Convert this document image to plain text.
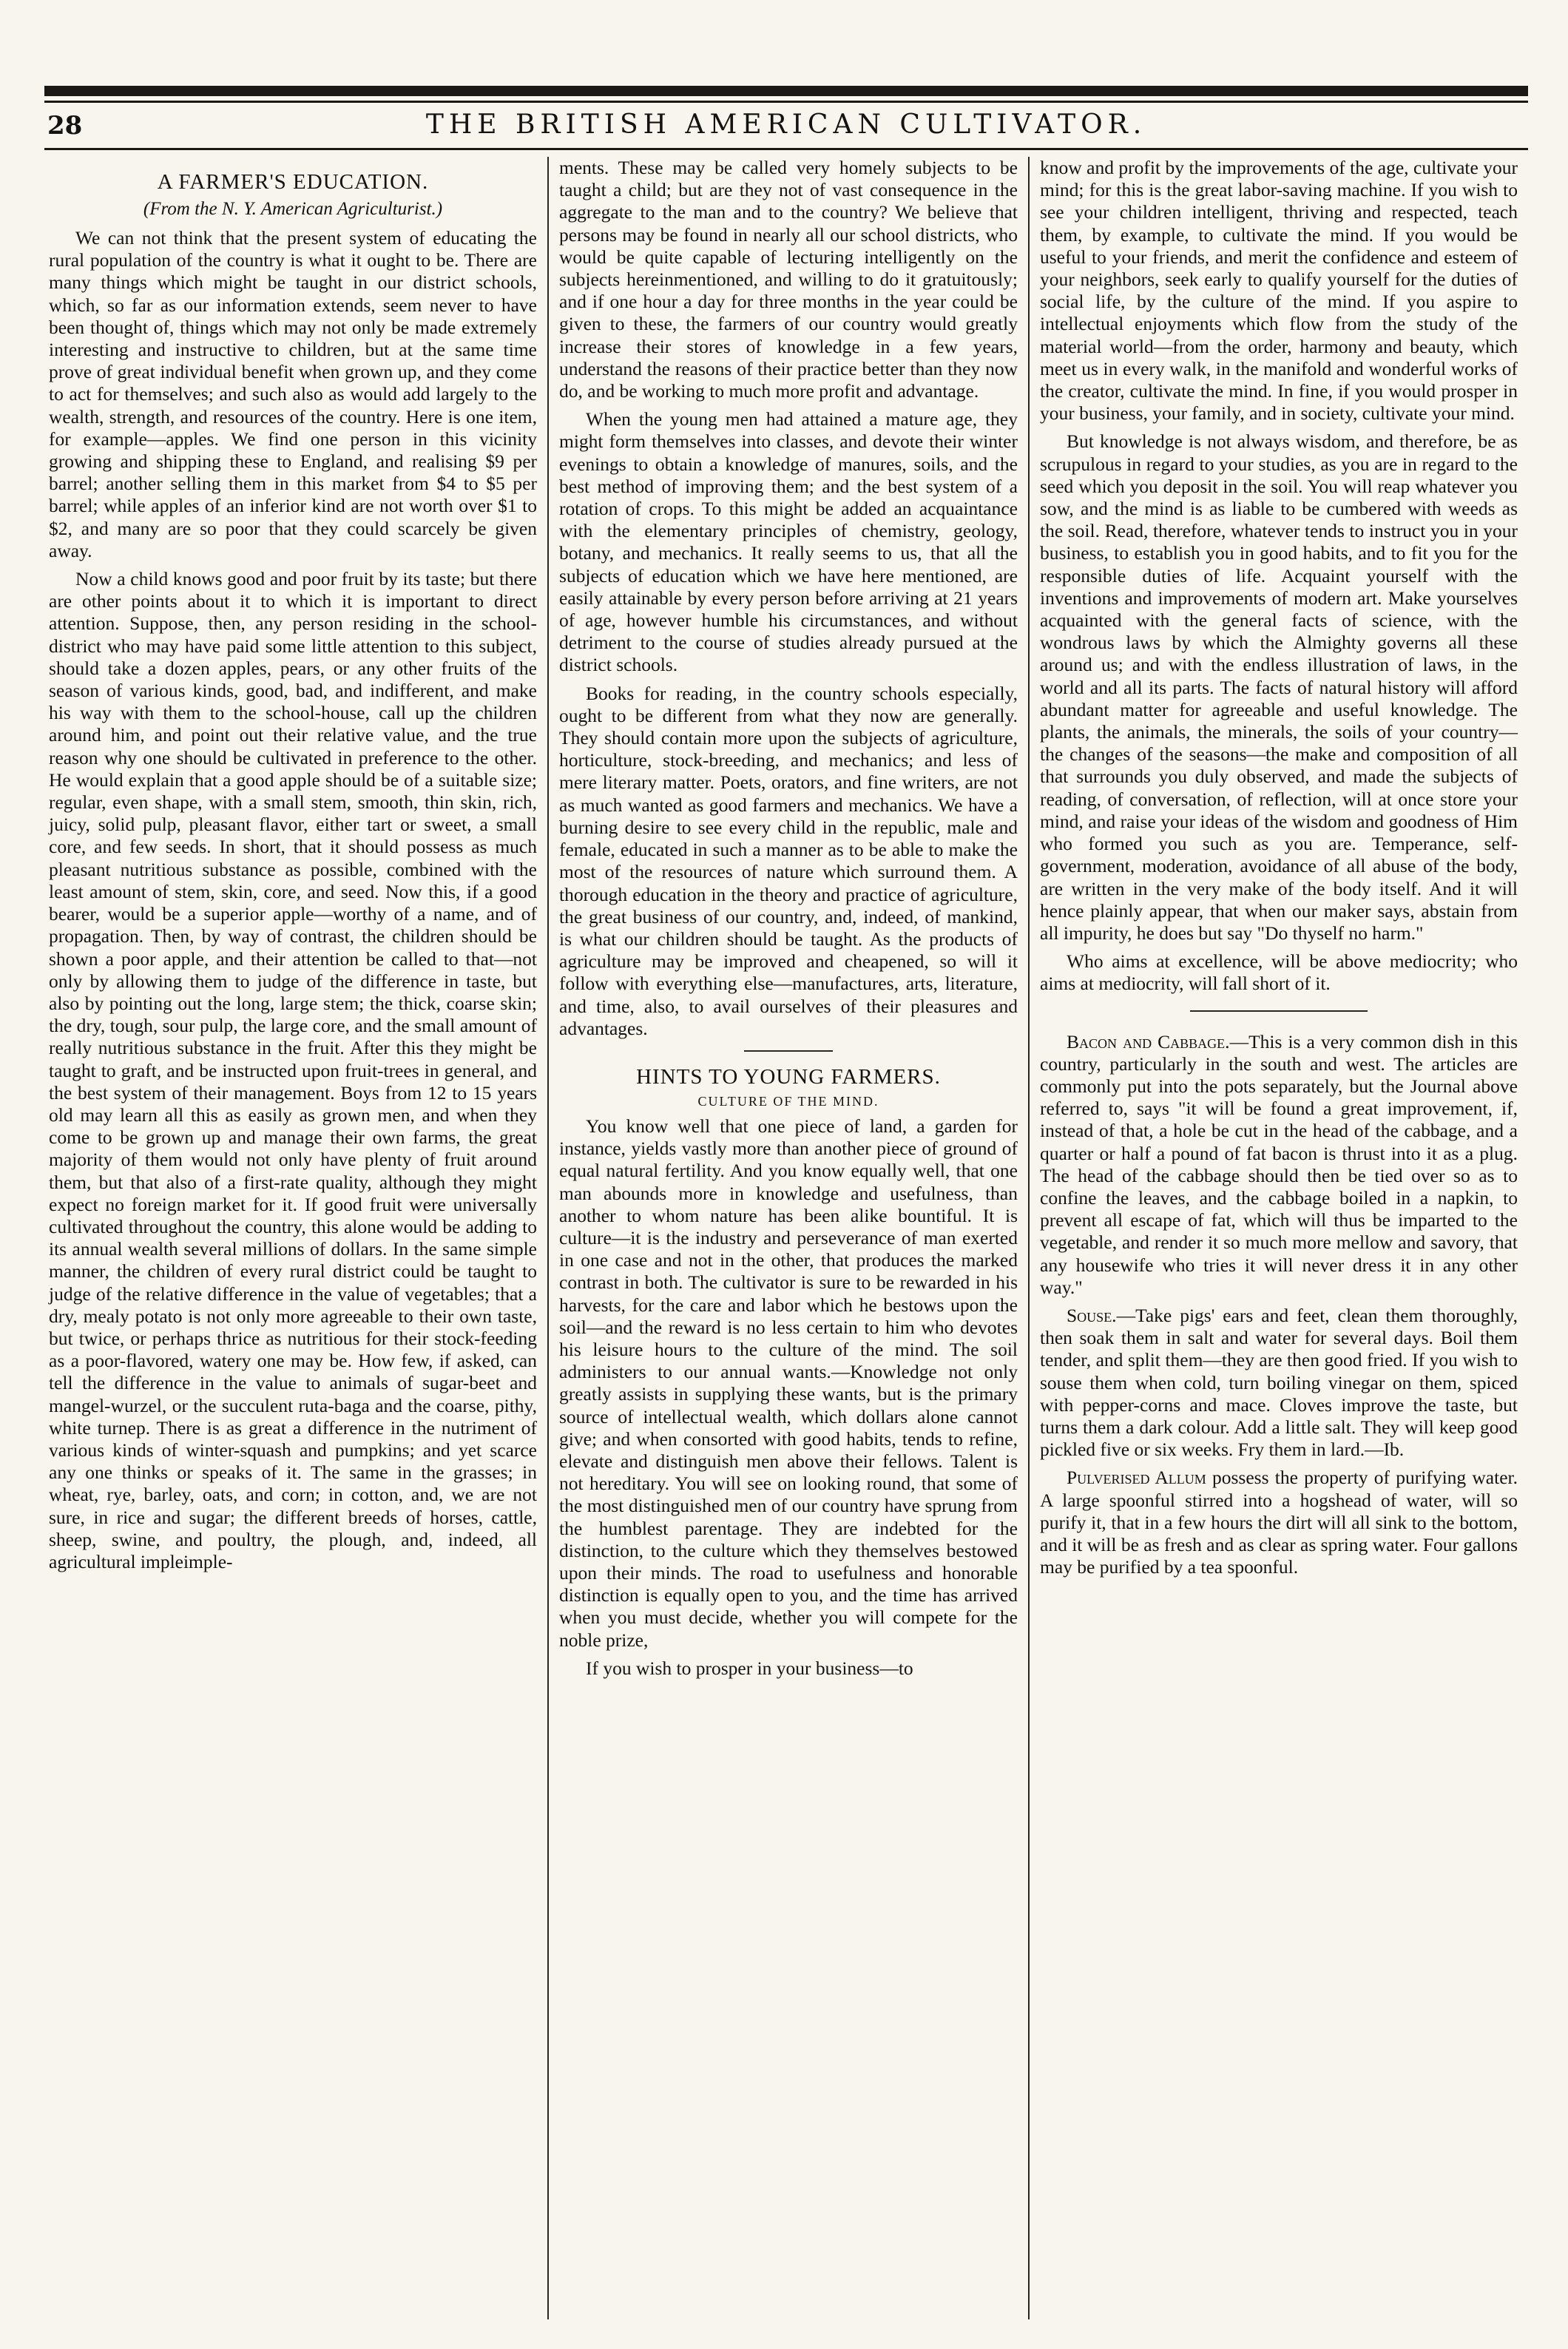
28	THE BRITISH AMERICAN CULTIVATOR.
A FARMER'S EDUCATION.
(From the N. Y. American Agriculturist.)

We can not think that the present system of educating the rural population of the country is what it ought to be. There are many things which might be taught in our district schools, which, so far as our information extends, seem never to have been thought of, things which may not only be made extremely interesting and instructive to children, but at the same time prove of great individual benefit when grown up, and they come to act for themselves; and such also as would add largely to the wealth, strength, and resources of the country. Here is one item, for example—apples. We find one person in this vicinity growing and shipping these to England, and realising $9 per barrel; another selling them in this market from $4 to $5 per barrel; while apples of an inferior kind are not worth over $1 to $2, and many are so poor that they could scarcely be given away.

Now a child knows good and poor fruit by its taste; but there are other points about it to which it is important to direct attention. Suppose, then, any person residing in the school-district who may have paid some little attention to this subject, should take a dozen apples, pears, or any other fruits of the season of various kinds, good, bad, and indifferent, and make his way with them to the school-house, call up the children around him, and point out their relative value, and the true reason why one should be cultivated in preference to the other. He would explain that a good apple should be of a suitable size; regular, even shape, with a small stem, smooth, thin skin, rich, juicy, solid pulp, pleasant flavor, either tart or sweet, a small core, and few seeds. In short, that it should possess as much pleasant nutritious substance as possible, combined with the least amount of stem, skin, core, and seed. Now this, if a good bearer, would be a superior apple—worthy of a name, and of propagation. Then, by way of contrast, the children should be shown a poor apple, and their attention be called to that—not only by allowing them to judge of the difference in taste, but also by pointing out the long, large stem; the thick, coarse skin; the dry, tough, sour pulp, the large core, and the small amount of really nutritious substance in the fruit. After this they might be taught to graft, and be instructed upon fruit-trees in general, and the best system of their management. Boys from 12 to 15 years old may learn all this as easily as grown men, and when they come to be grown up and manage their own farms, the great majority of them would not only have plenty of fruit around them, but that also of a first-rate quality, although they might expect no foreign market for it. If good fruit were universally cultivated throughout the country, this alone would be adding to its annual wealth several millions of dollars. In the same simple manner, the children of every rural district could be taught to judge of the relative difference in the value of vegetables; that a dry, mealy potato is not only more agreeable to their own taste, but twice, or perhaps thrice as nutritious for their stock-feeding as a poor-flavored, watery one may be. How few, if asked, can tell the difference in the value to animals of sugar-beet and mangel-wurzel, or the succulent ruta-baga and the coarse, pithy, white turnep. There is as great a difference in the nutriment of various kinds of winter-squash and pumpkins; and yet scarce any one thinks or speaks of it. The same in the grasses; in wheat, rye, barley, oats, and corn; in cotton, and, we are not sure, in rice and sugar; the different breeds of horses, cattle, sheep, swine, and poultry, the plough, and, indeed, all agricultural impleimple-

ments. These may be called very homely subjects to be taught a child; but are they not of vast consequence in the aggregate to the man and to the country? We believe that persons may be found in nearly all our school districts, who would be quite capable of lecturing intelligently on the subjects hereinmentioned, and willing to do it gratuitously; and if one hour a day for three months in the year could be given to these, the farmers of our country would greatly increase their stores of knowledge in a few years, understand the reasons of their practice better than they now do, and be working to much more profit and advantage.

When the young men had attained a mature age, they might form themselves into classes, and devote their winter evenings to obtain a knowledge of manures, soils, and the best method of improving them; and the best system of a rotation of crops. To this might be added an acquaintance with the elementary principles of chemistry, geology, botany, and mechanics. It really seems to us, that all the subjects of education which we have here mentioned, are easily attainable by every person before arriving at 21 years of age, however humble his circumstances, and without detriment to the course of studies already pursued at the district schools.

Books for reading, in the country schools especially, ought to be different from what they now are generally. They should contain more upon the subjects of agriculture, horticulture, stock-breeding, and mechanics; and less of mere literary matter. Poets, orators, and fine writers, are not as much wanted as good farmers and mechanics. We have a burning desire to see every child in the republic, male and female, educated in such a manner as to be able to make the most of the resources of nature which surround them. A thorough education in the theory and practice of agriculture, the great business of our country, and, indeed, of mankind, is what our children should be taught. As the products of agriculture may be improved and cheapened, so will it follow with everything else—manufactures, arts, literature, and time, also, to avail ourselves of their pleasures and advantages.

HINTS TO YOUNG FARMERS.
CULTURE OF THE MIND.

You know well that one piece of land, a garden for instance, yields vastly more than another piece of ground of equal natural fertility. And you know equally well, that one man abounds more in knowledge and usefulness, than another to whom nature has been alike bountiful. It is culture—it is the industry and perseverance of man exerted in one case and not in the other, that produces the marked contrast in both. The cultivator is sure to be rewarded in his harvests, for the care and labor which he bestows upon the soil—and the reward is no less certain to him who devotes his leisure hours to the culture of the mind. The soil administers to our annual wants.—Knowledge not only greatly assists in supplying these wants, but is the primary source of intellectual wealth, which dollars alone cannot give; and when consorted with good habits, tends to refine, elevate and distinguish men above their fellows. Talent is not hereditary. You will see on looking round, that some of the most distinguished men of our country have sprung from the humblest parentage. They are indebted for the distinction, to the culture which they themselves bestowed upon their minds. The road to usefulness and honorable distinction is equally open to you, and the time has arrived when you must decide, whether you will compete for the noble prize,

If you wish to prosper in your business—to

know and profit by the improvements of the age, cultivate your mind; for this is the great labor-saving machine. If you wish to see your children intelligent, thriving and respected, teach them, by example, to cultivate the mind. If you would be useful to your friends, and merit the confidence and esteem of your neighbors, seek early to qualify yourself for the duties of social life, by the culture of the mind. If you aspire to intellectual enjoyments which flow from the study of the material world—from the order, harmony and beauty, which meet us in every walk, in the manifold and wonderful works of the creator, cultivate the mind. In fine, if you would prosper in your business, your family, and in society, cultivate your mind.

But knowledge is not always wisdom, and therefore, be as scrupulous in regard to your studies, as you are in regard to the seed which you deposit in the soil. You will reap whatever you sow, and the mind is as liable to be cumbered with weeds as the soil. Read, therefore, whatever tends to instruct you in your business, to establish you in good habits, and to fit you for the responsible duties of life. Acquaint yourself with the inventions and improvements of modern art. Make yourselves acquainted with the general facts of science, with the wondrous laws by which the Almighty governs all these around us; and with the endless illustration of laws, in the world and all its parts. The facts of natural history will afford abundant matter for agreeable and useful knowledge. The plants, the animals, the minerals, the soils of your country—the changes of the seasons—the make and composition of all that surrounds you duly observed, and made the subjects of reading, of conversation, of reflection, will at once store your mind, and raise your ideas of the wisdom and goodness of Him who formed you such as you are. Temperance, self-government, moderation, avoidance of all abuse of the body, are written in the very make of the body itself. And it will hence plainly appear, that when our maker says, abstain from all impurity, he does but say "Do thyself no harm."

Who aims at excellence, will be above mediocrity; who aims at mediocrity, will fall short of it.

Bacon and Cabbage.—This is a very common dish in this country, particularly in the south and west. The articles are commonly put into the pots separately, but the Journal above referred to, says "it will be found a great improvement, if, instead of that, a hole be cut in the head of the cabbage, and a quarter or half a pound of fat bacon is thrust into it as a plug. The head of the cabbage should then be tied over so as to confine the leaves, and the cabbage boiled in a napkin, to prevent all escape of fat, which will thus be imparted to the vegetable, and render it so much more mellow and savory, that any housewife who tries it will never dress it in any other way."

Souse.—Take pigs' ears and feet, clean them thoroughly, then soak them in salt and water for several days. Boil them tender, and split them—they are then good fried. If you wish to souse them when cold, turn boiling vinegar on them, spiced with pepper-corns and mace. Cloves improve the taste, but turns them a dark colour. Add a little salt. They will keep good pickled five or six weeks. Fry them in lard.—Ib.

Pulverised Allum possess the property of purifying water. A large spoonful stirred into a hogshead of water, will so purify it, that in a few hours the dirt will all sink to the bottom, and it will be as fresh and as clear as spring water. Four gallons may be purified by a tea spoonful.
